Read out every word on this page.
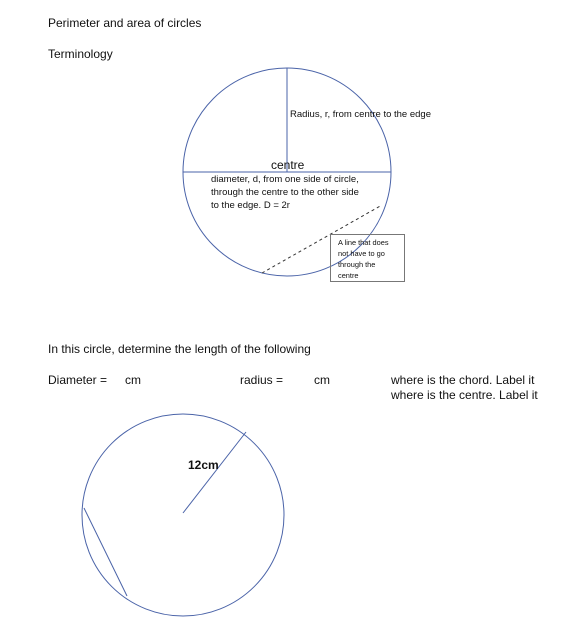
Perimeter and area of circles
Terminology
Radius, r, from centre to the edge
centre
diameter, d, from one side of circle,
through the centre to the other side
to the edge. D = 2r
A line that does
not have to go
through the
centre
In this circle, determine the length of the following
Diameter = cm	radius =	cm	where is the chord. Label it
where is the centre. Label it
12cm
